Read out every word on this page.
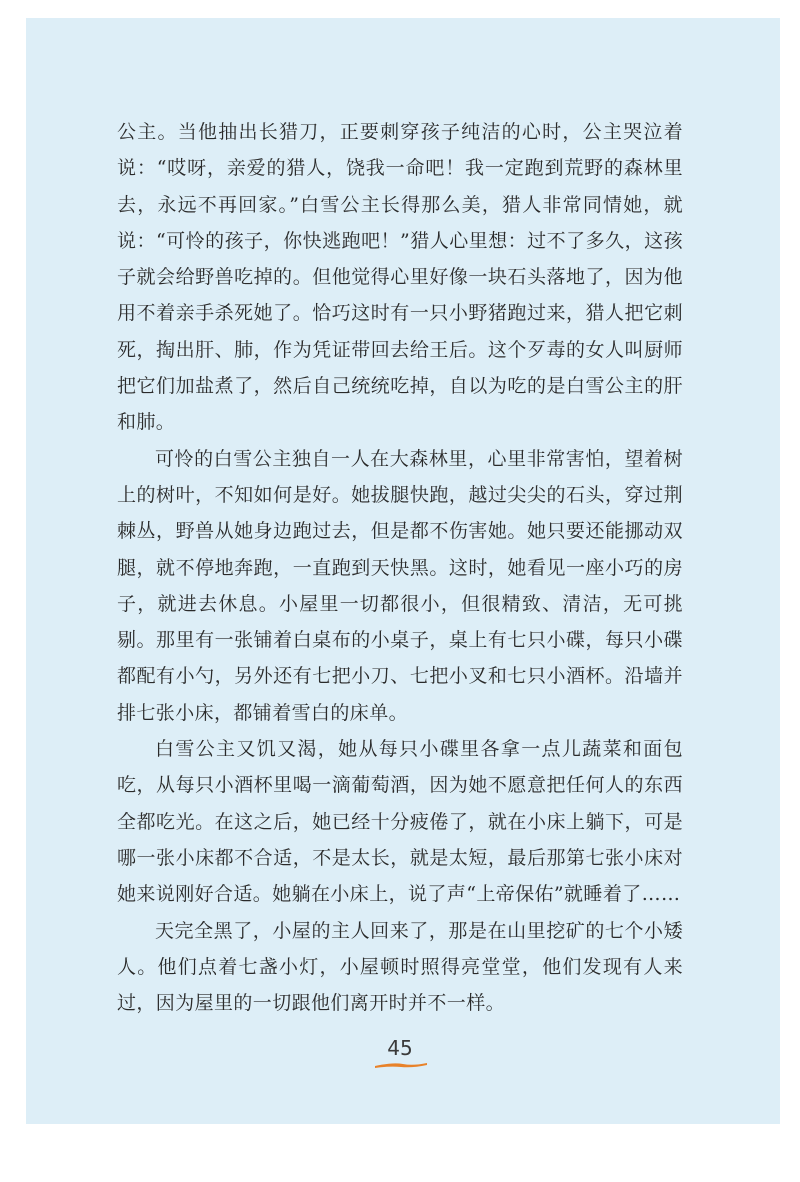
公主。当他抽出长猎刀，正要刺穿孩子纯洁的心时，公主哭泣着说：“哎呀，亲爱的猎人，饶我一命吧！我一定跑到荒野的森林里去，永远不再回家。”白雪公主长得那么美，猎人非常同情她，就说：“可怜的孩子，你快逃跑吧！”猎人心里想：过不了多久，这孩子就会给野兽吃掉的。但他觉得心里好像一块石头落地了，因为他用不着亲手杀死她了。恰巧这时有一只小野猪跑过来，猎人把它刺死，掏出肝、肺，作为凭证带回去给王后。这个歹毒的女人叫厨师把它们加盐煮了，然后自己统统吃掉，自以为吃的是白雪公主的肝和肺。

可怜的白雪公主独自一人在大森林里，心里非常害怕，望着树上的树叶，不知如何是好。她拔腿快跑，越过尖尖的石头，穿过荆棘丛，野兽从她身边跑过去，但是都不伤害她。她只要还能挪动双腿，就不停地奔跑，一直跑到天快黑。这时，她看见一座小巧的房子，就进去休息。小屋里一切都很小，但很精致、清洁，无可挑剔。那里有一张铺着白桌布的小桌子，桌上有七只小碟，每只小碟都配有小勺，另外还有七把小刀、七把小叉和七只小酒杯。沿墙并排七张小床，都铺着雪白的床单。

白雪公主又饥又渴，她从每只小碟里各拿一点儿蔬菜和面包吃，从每只小酒杯里喝一滴葡萄酒，因为她不愿意把任何人的东西全都吃光。在这之后，她已经十分疲倦了，就在小床上躺下，可是哪一张小床都不合适，不是太长，就是太短，最后那第七张小床对她来说刚好合适。她躺在小床上，说了声“上帝保佑”就睡着了……

天完全黑了，小屋的主人回来了，那是在山里挖矿的七个小矮人。他们点着七盏小灯，小屋顿时照得亮堂堂，他们发现有人来过，因为屋里的一切跟他们离开时并不一样。

45
